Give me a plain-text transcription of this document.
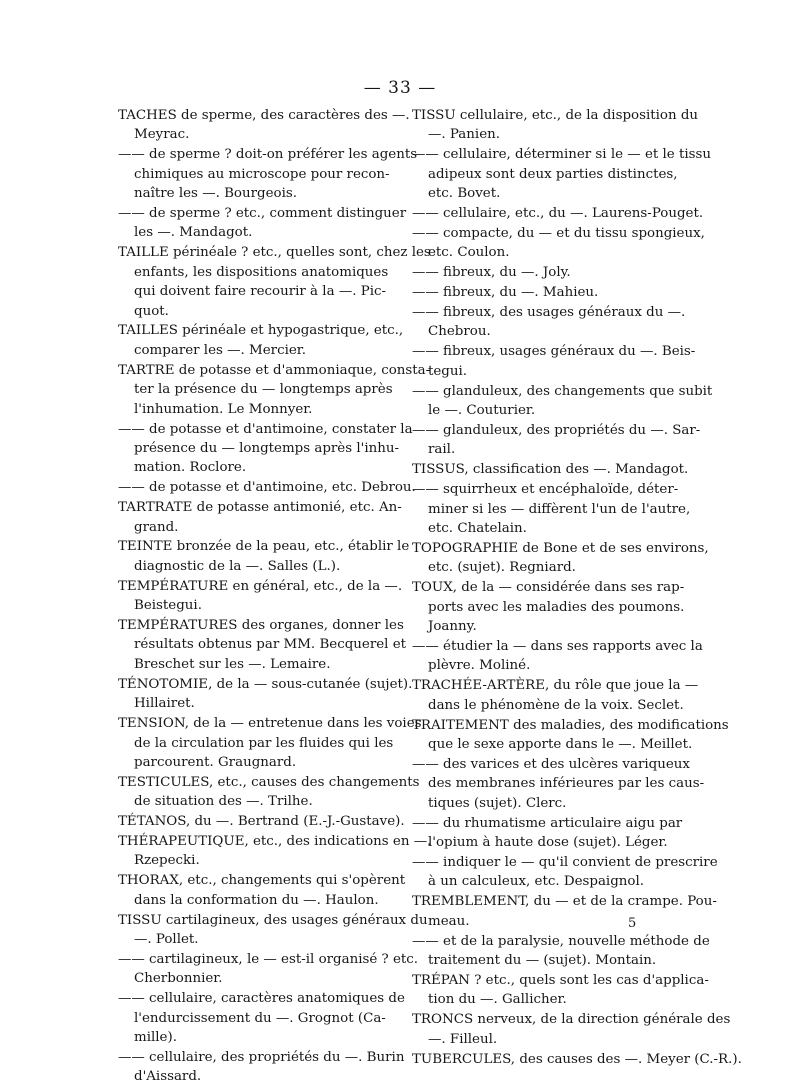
— 33 —
TACHES de sperme, des caractères des —.
Meyrac.
—— de sperme ? doit-on préférer les agents
chimiques au microscope pour recon-
naître les —. Bourgeois.
—— de sperme ? etc., comment distinguer
les —. Mandagot.
TAILLE périnéale ? etc., quelles sont, chez les
enfants, les dispositions anatomiques
qui doivent faire recourir à la —. Pic-
quot.
TAILLES périnéale et hypogastrique, etc.,
comparer les —. Mercier.
TARTRE de potasse et d'ammoniaque, consta-
ter la présence du — longtemps après
l'inhumation. Le Monnyer.
—— de potasse et d'antimoine, constater la
présence du — longtemps après l'inhu-
mation. Roclore.
—— de potasse et d'antimoine, etc. Debrou.
TARTRATE de potasse antimonié, etc. An-
grand.
TEINTE bronzée de la peau, etc., établir le
diagnostic de la —. Salles (L.).
TEMPÉRATURE en général, etc., de la —.
Beistegui.
TEMPÉRATURES des organes, donner les
résultats obtenus par MM. Becquerel et
Breschet sur les —. Lemaire.
TÉNOTOMIE, de la — sous-cutanée (sujet).
Hillairet.
TENSION, de la — entretenue dans les voies
de la circulation par les fluides qui les
parcourent. Graugnard.
TESTICULES, etc., causes des changements
de situation des —. Trilhe.
TÉTANOS, du —. Bertrand (E.-J.-Gustave).
THÉRAPEUTIQUE, etc., des indications en —.
Rzepecki.
THORAX, etc., changements qui s'opèrent
dans la conformation du —. Haulon.
TISSU cartilagineux, des usages généraux du
—. Pollet.
—— cartilagineux, le — est-il organisé ? etc.
Cherbonnier.
—— cellulaire, caractères anatomiques de
l'endurcissement du —. Grognot (Ca-
mille).
—— cellulaire, des propriétés du —. Burin
d'Aissard.
TISSU cellulaire, etc., de la disposition du
—. Panien.
—— cellulaire, déterminer si le — et le tissu
adipeux sont deux parties distinctes,
etc. Bovet.
—— cellulaire, etc., du —. Laurens-Pouget.
—— compacte, du — et du tissu spongieux,
etc. Coulon.
—— fibreux, du —. Joly.
—— fibreux, du —. Mahieu.
—— fibreux, des usages généraux du —.
Chebrou.
—— fibreux, usages généraux du —. Beis-
tegui.
—— glanduleux, des changements que subit
le —. Couturier.
—— glanduleux, des propriétés du —. Sar-
rail.
TISSUS, classification des —. Mandagot.
—— squirrheux et encéphaloïde, déter-
miner si les — diffèrent l'un de l'autre,
etc. Chatelain.
TOPOGRAPHIE de Bone et de ses environs,
etc. (sujet). Regniard.
TOUX, de la — considérée dans ses rap-
ports avec les maladies des poumons.
Joanny.
—— étudier la — dans ses rapports avec la
plèvre. Moliné.
TRACHÉE-ARTÈRE, du rôle que joue la —
dans le phénomène de la voix. Seclet.
TRAITEMENT des maladies, des modifications
que le sexe apporte dans le —. Meillet.
—— des varices et des ulcères variqueux
des membranes inférieures par les caus-
tiques (sujet). Clerc.
—— du rhumatisme articulaire aigu par
l'opium à haute dose (sujet). Léger.
—— indiquer le — qu'il convient de prescrire
à un calculeux, etc. Despaignol.
TREMBLEMENT, du — et de la crampe. Pou-
meau.
—— et de la paralysie, nouvelle méthode de
traitement du — (sujet). Montain.
TRÉPAN ? etc., quels sont les cas d'applica-
tion du —. Gallicher.
TRONCS nerveux, de la direction générale des
—. Filleul.
TUBERCULES, des causes des —. Meyer (C.-R.).
5
